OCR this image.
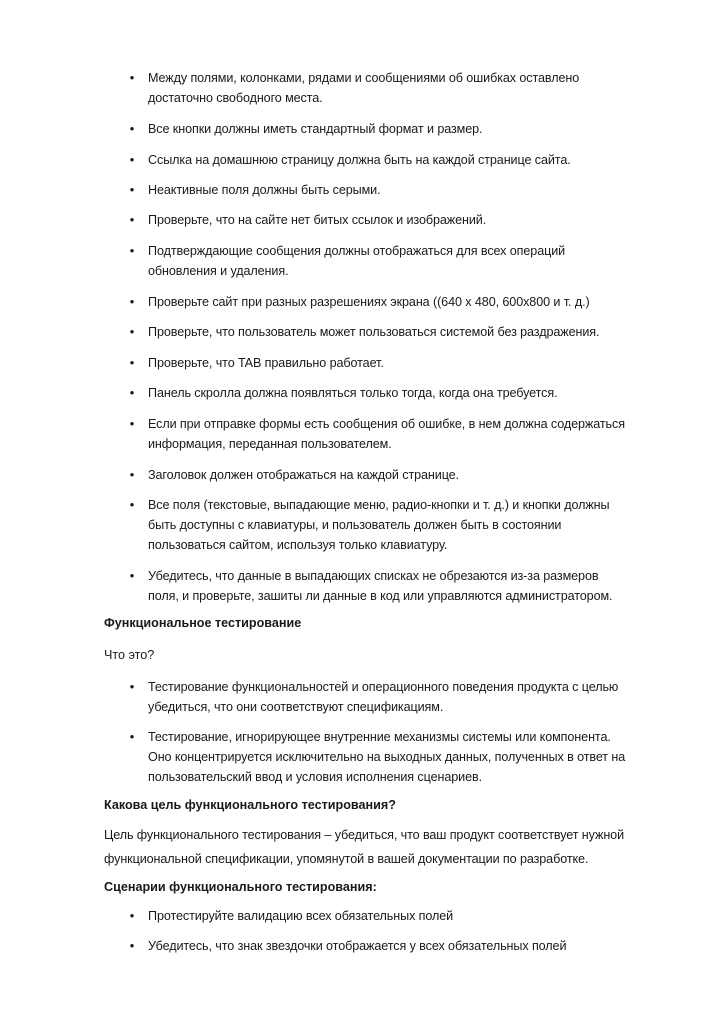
• Между полями, колонками, рядами и сообщениями об ошибках оставлено достаточно свободного места.
• Все кнопки должны иметь стандартный формат и размер.
• Ссылка на домашнюю страницу должна быть на каждой странице сайта.
• Неактивные поля должны быть серыми.
• Проверьте, что на сайте нет битых ссылок и изображений.
• Подтверждающие сообщения должны отображаться для всех операций обновления и удаления.
• Проверьте сайт при разных разрешениях экрана ((640 x 480, 600x800 и т. д.)
• Проверьте, что пользователь может пользоваться системой без раздражения.
• Проверьте, что TAB правильно работает.
• Панель скролла должна появляться только тогда, когда она требуется.
• Если при отправке формы есть сообщения об ошибке, в нем должна содержаться информация, переданная пользователем.
• Заголовок должен отображаться на каждой странице.
• Все поля (текстовые, выпадающие меню, радио-кнопки и т. д.) и кнопки должны быть доступны с клавиатуры, и пользователь должен быть в состоянии пользоваться сайтом, используя только клавиатуру.
• Убедитесь, что данные в выпадающих списках не обрезаются из-за размеров поля, и проверьте, зашиты ли данные в код или управляются администратором.
Функциональное тестирование
Что это?
• Тестирование функциональностей и операционного поведения продукта с целью убедиться, что они соответствуют спецификациям.
• Тестирование, игнорирующее внутренние механизмы системы или компонента. Оно концентрируется исключительно на выходных данных, полученных в ответ на пользовательский ввод и условия исполнения сценариев.
Какова цель функционального тестирования?
Цель функционального тестирования – убедиться, что ваш продукт соответствует нужной функциональной спецификации, упомянутой в вашей документации по разработке.
Сценарии функционального тестирования:
• Протестируйте валидацию всех обязательных полей
• Убедитесь, что знак звездочки отображается у всех обязательных полей
